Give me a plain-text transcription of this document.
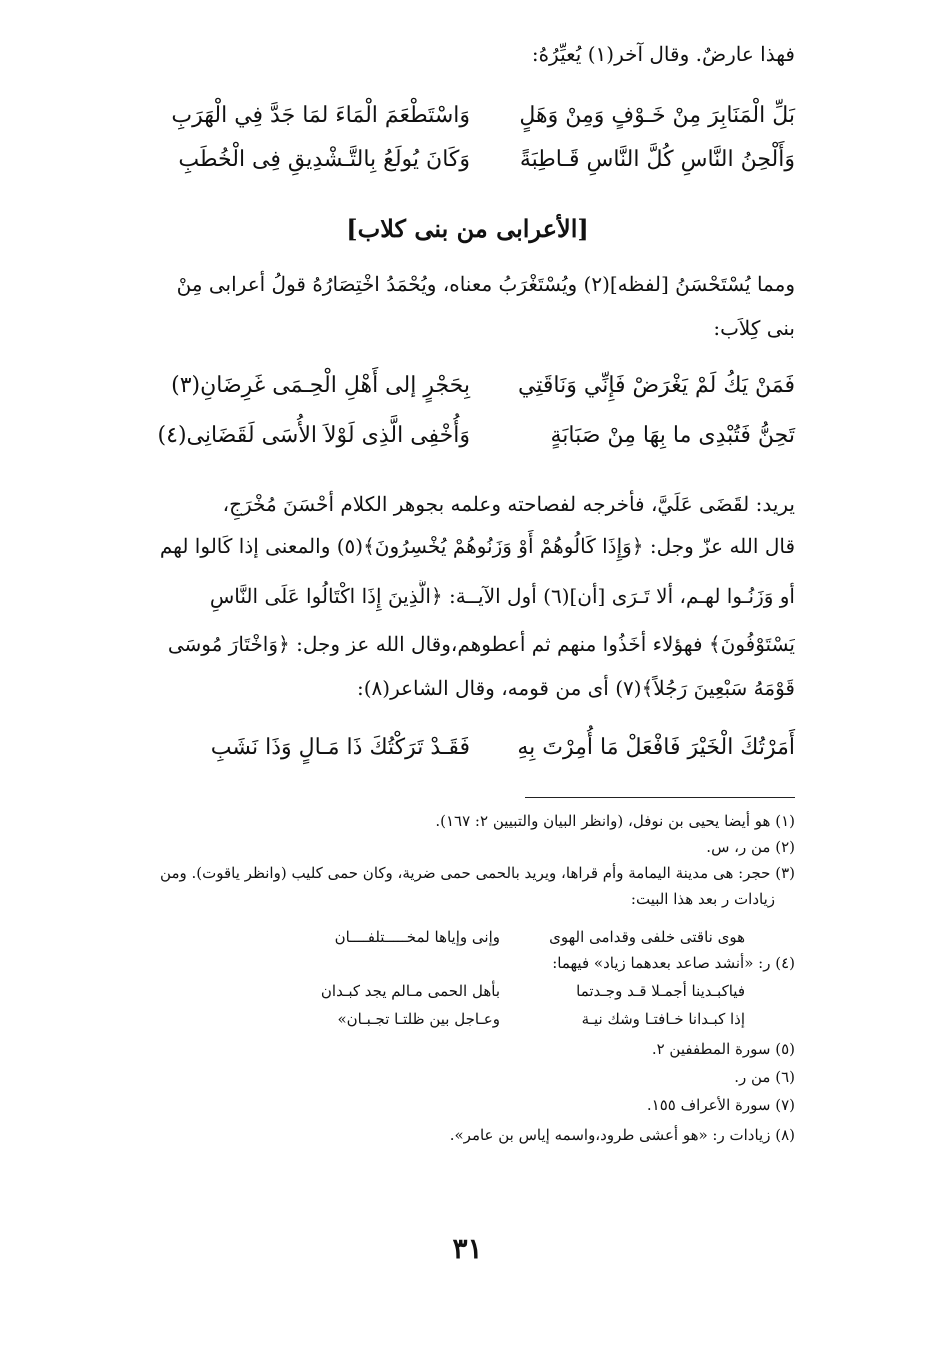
فهذا عارضٌ. وقال آخر(١) يُعيِّرُهُ:
بَلِّ الْمَنَابِرَ مِنْ خَـوْفٍ وَمِنْ وَهَلٍ
وَاسْتَطْعَمَ الْمَاءَ لمَا جَدَّ فِي الْهَرَبِ
وَأَلْحِنُ النَّاسِ كُلَّ النَّاسِ قَـاطِبَةً
وَكَانَ يُولَعُ بِالتَّـشْدِيقِ فِى الْخُطَبِ
[الأعرابى من بنى كلاب]
ومما يُسْتَحْسَنُ [لفظه](٢) ويُسْتَغْرَبُ معناه، ويُحْمَدُ اخْتِصَارُهُ قولُ أعرابى مِنْ
بنى كِلاَب:
فَمَنْ يَكُ لَمْ يَغْرَضْ فَإِنِّي وَنَاقَتِي
بِحَجْرٍ إلى أَهْلِ الْحِـمَى غَرِضَانِ(٣)
تَحِنُّ فَتُبْدِى ما بِهَا مِنْ صَبَابَةٍ
وَأُخْفِى الَّذِى لَوْلاَ الأُسَى لَقَضَانِى(٤)
يريد: لقَضَى عَلَيَّ، فأخرجه لفصاحته وعلمه بجوهر الكلام أحْسَنَ مُخْرَجٍ،
قال الله عزّ وجل: ﴿وَإِذَا كَالُوهُمْ أَوْ وَزَنُوهُمْ يُخْسِرُونَ﴾(٥) والمعنى إذا كَالوا لهم
أو وَزَنُـوا لهـم، ألا تَـرَى [أن](٦) أول الآيــة: ﴿الَّذِينَ إِذَا اكْتَالُوا عَلَى النَّاسِ
يَسْتَوْفُونَ﴾ فهؤلاء أخَذُوا منهم ثم أعطوهم،وقال الله عز وجل: ﴿وَاخْتَارَ مُوسَى
قَوْمَهُ سَبْعِينَ رَجُلاً﴾(٧) أى من قومه، وقال الشاعر(٨):
أَمَرْتُكَ الْخَيْرَ فَافْعَلْ مَا أُمِرْتَ بِهِ
فَقَـدْ تَرَكْتُكَ ذَا مَـالٍ وَذَا نَشَبِ
(١) هو أيضا يحيى بن نوفل، (وانظر البيان والتبيين ٢: ١٦٧).
(٢) من ر، س.
(٣) حجر: هى مدينة اليمامة وأم قراها، ويريد بالحمى حمى ضرية، وكان حمى كليب (وانظر ياقوت). ومن
زيادات ر بعد هذا البيت:
هوى ناقتى خلفى وقدامى الهوى
وإنى وإياها لمخـــــتلفــــان
(٤) ر: «أنشد صاعد بعدهما زياد» فيهما:
فياكبـدينا أجمـلا قـد وجـدتما
بأهل الحمى مـالم يجد كبـدان
إذا كبـدانا خـافتـا وشك نيـة
وعـاجل بين ظلتـا تجـبـان»
(٥) سورة المطففين ٢.
(٦) من ر.
(٧) سورة الأعراف ١٥٥.
(٨) زيادات ر: «هو أعشى طرود،واسمه إياس بن عامر».
٣١
